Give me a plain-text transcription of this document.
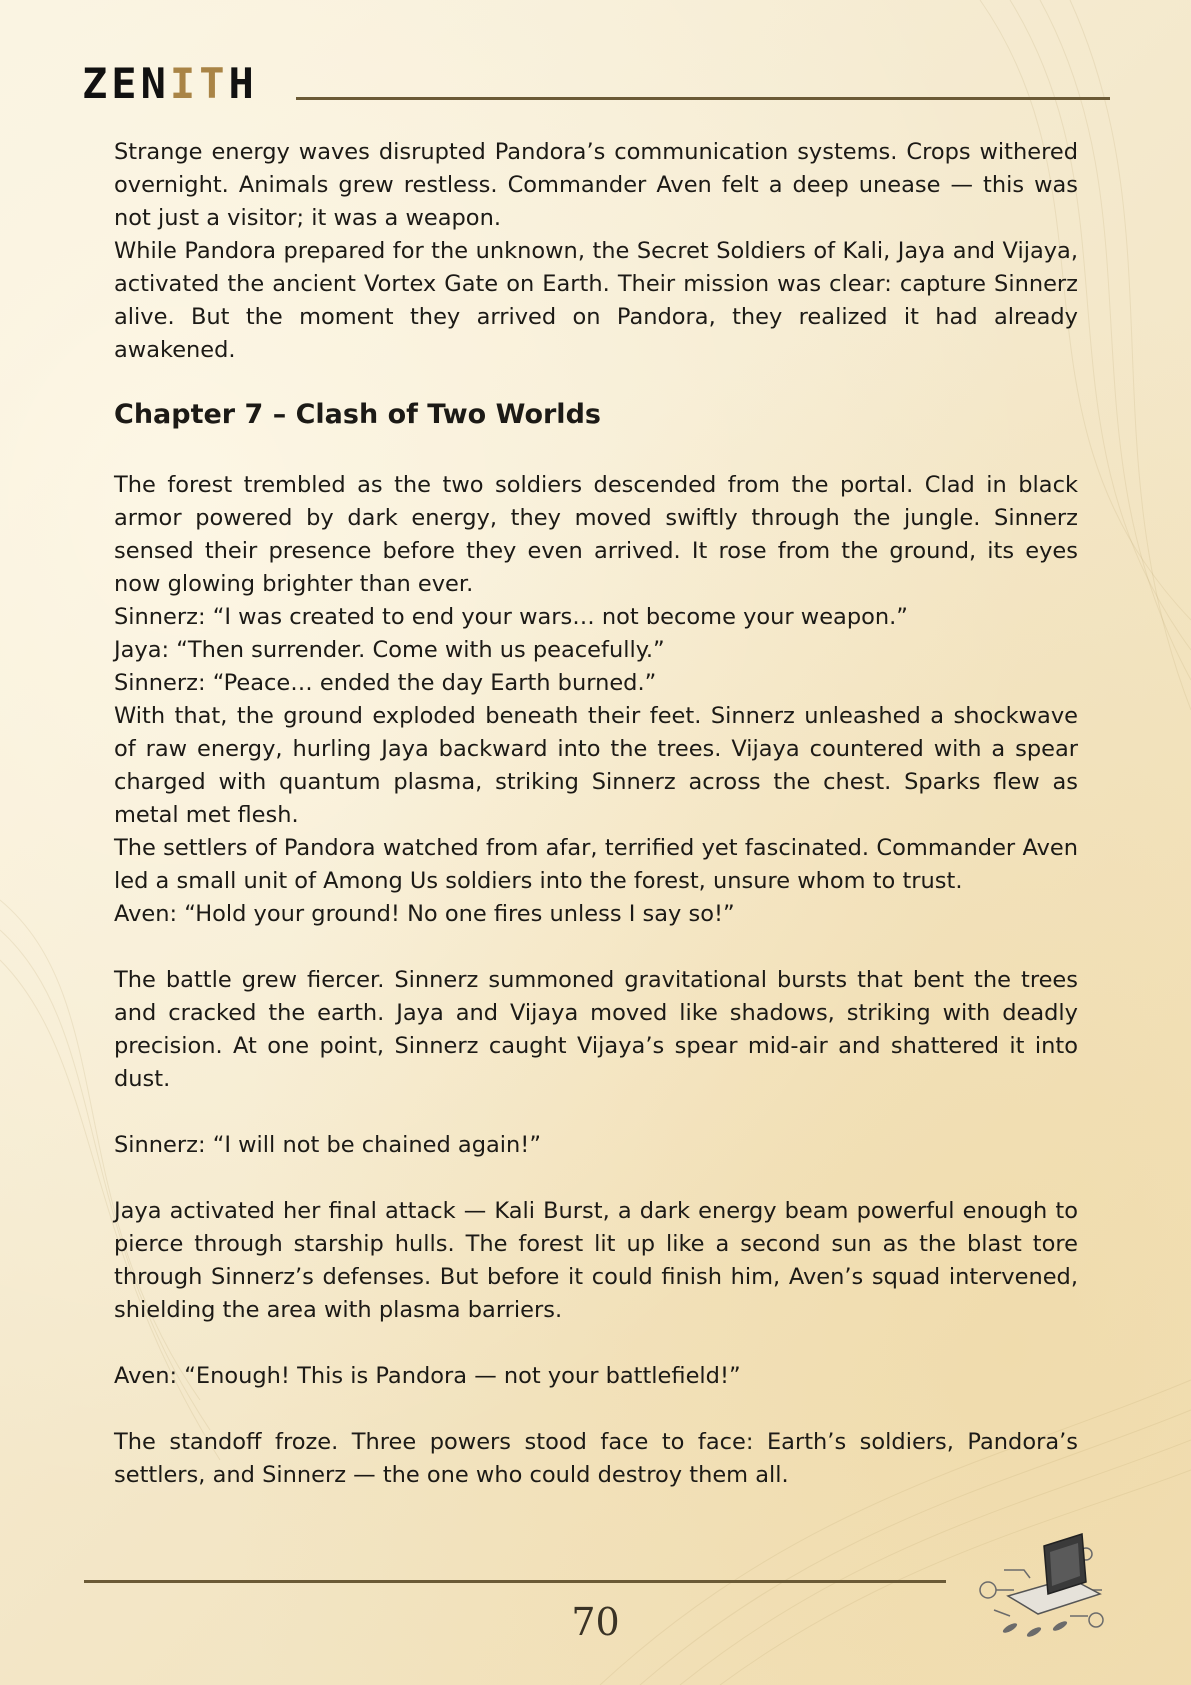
Z E N I T H

Strange energy waves disrupted Pandora’s communication systems. Crops withered overnight. Animals grew restless. Commander Aven felt a deep unease — this was not just a visitor; it was a weapon.

While Pandora prepared for the unknown, the Secret Soldiers of Kali, Jaya and Vijaya, activated the ancient Vortex Gate on Earth. Their mission was clear: capture Sinnerz alive. But the moment they arrived on Pandora, they realized it had already awakened.

Chapter 7 – Clash of Two Worlds

The forest trembled as the two soldiers descended from the portal. Clad in black armor powered by dark energy, they moved swiftly through the jungle. Sinnerz sensed their presence before they even arrived. It rose from the ground, its eyes now glowing brighter than ever.

Sinnerz: “I was created to end your wars… not become your weapon.”

Jaya: “Then surrender. Come with us peacefully.”

Sinnerz: “Peace… ended the day Earth burned.”

With that, the ground exploded beneath their feet. Sinnerz unleashed a shockwave of raw energy, hurling Jaya backward into the trees. Vijaya countered with a spear charged with quantum plasma, striking Sinnerz across the chest. Sparks flew as metal met flesh.

The settlers of Pandora watched from afar, terrified yet fascinated. Commander Aven led a small unit of Among Us soldiers into the forest, unsure whom to trust.

Aven: “Hold your ground! No one fires unless I say so!”

The battle grew fiercer. Sinnerz summoned gravitational bursts that bent the trees and cracked the earth. Jaya and Vijaya moved like shadows, striking with deadly precision. At one point, Sinnerz caught Vijaya’s spear mid-air and shattered it into dust.

Sinnerz: “I will not be chained again!”

Jaya activated her final attack — Kali Burst, a dark energy beam powerful enough to pierce through starship hulls. The forest lit up like a second sun as the blast tore through Sinnerz’s defenses. But before it could finish him, Aven’s squad intervened, shielding the area with plasma barriers.

Aven: “Enough! This is Pandora — not your battlefield!”

The standoff froze. Three powers stood face to face: Earth’s soldiers, Pandora’s settlers, and Sinnerz — the one who could destroy them all.

70
